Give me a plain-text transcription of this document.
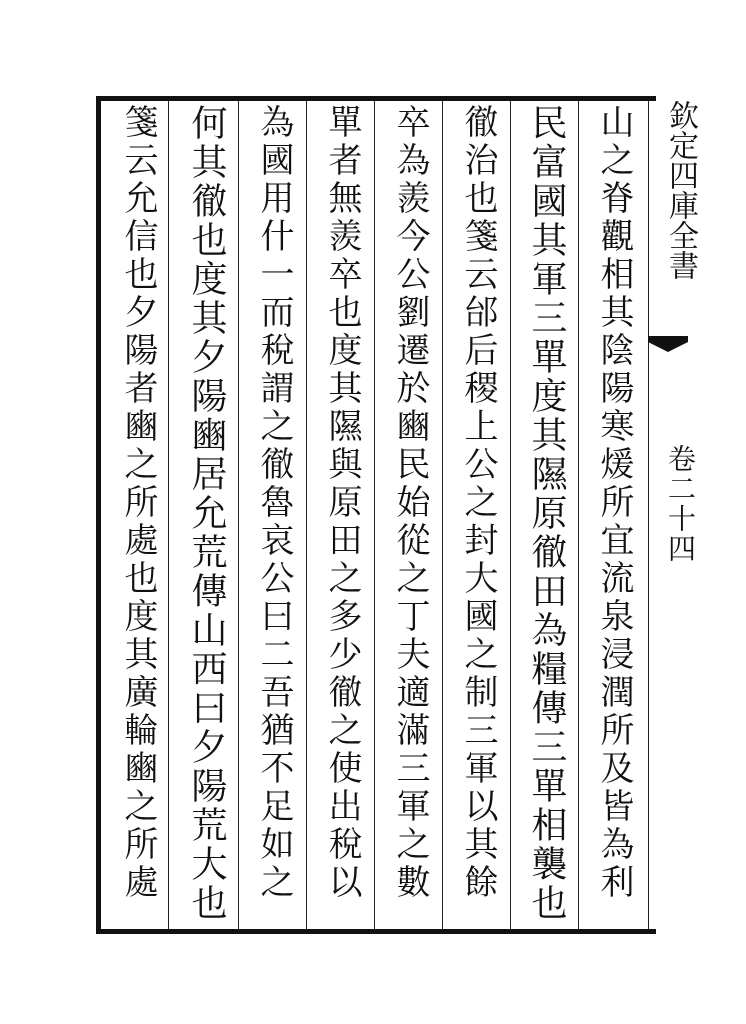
山之脊觀相其陰陽寒煖所宜流泉浸潤所及皆為利
民富國其軍三單度其隰原徹田為糧傳三單相襲也
徹治也箋云邰后稷上公之封大國之制三軍以其餘
卒為羨今公劉遷於豳民始從之丁夫適滿三軍之數
單者無羨卒也度其隰與原田之多少徹之使出稅以
為國用什一而稅謂之徹魯哀公曰二吾猶不足如之
何其徹也度其夕陽豳居允荒傳山西曰夕陽荒大也
箋云允信也夕陽者豳之所處也度其廣輪豳之所處	欽定四庫全書
卷二十四
